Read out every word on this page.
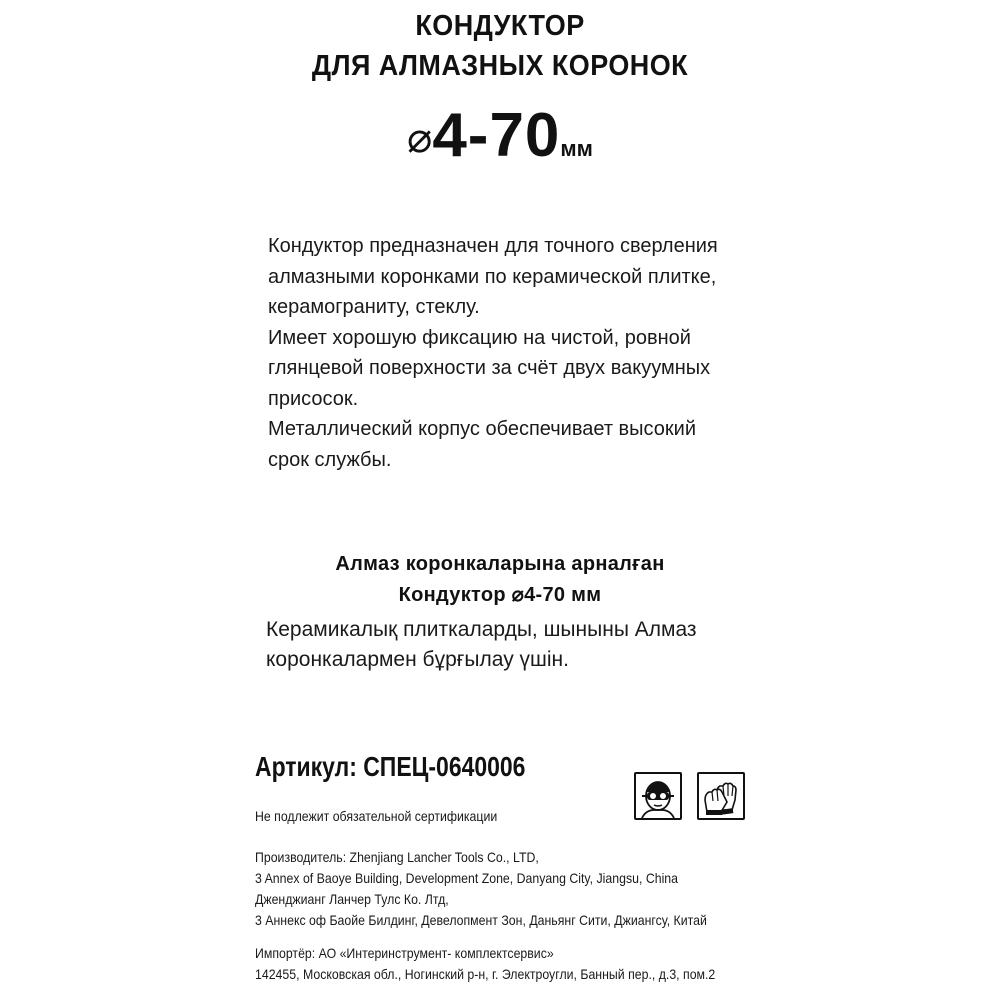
КОНДУКТОР
ДЛЯ АЛМАЗНЫХ КОРОНОК
⌀4-70мм

Кондуктор предназначен для точного сверления

алмазными коронками по керамической плитке,

керамограниту, стеклу.

Имеет хорошую фиксацию на чистой, ровной

глянцевой поверхности за счёт двух вакуумных

присосок.

Металлический корпус обеспечивает высокий

срок службы.

Алмаз коронкаларына арналған
Кондуктор ⌀4-70 мм

Керамикалық плиткаларды, шыныны Алмаз

коронкалармен бұрғылау үшін.

Артикул: СПЕЦ-0640006
Не подлежит обязательной сертификации

Производитель: Zhenjiang Lancher Tools Co., LTD,

3 Annex of Baoye Building, Development Zone, Danyang City, Jiangsu, China

Дженджианг Ланчер Тулс Ко. Лтд,

3 Аннекс оф Баойе Билдинг, Девелопмент Зон, Даньянг Сити, Джиангсу, Китай

Импортёр: АО «Интеринструмент- комплектсервис»

142455, Московская обл., Ногинский р-н, г. Электроугли, Банный пер., д.3, пом.2
